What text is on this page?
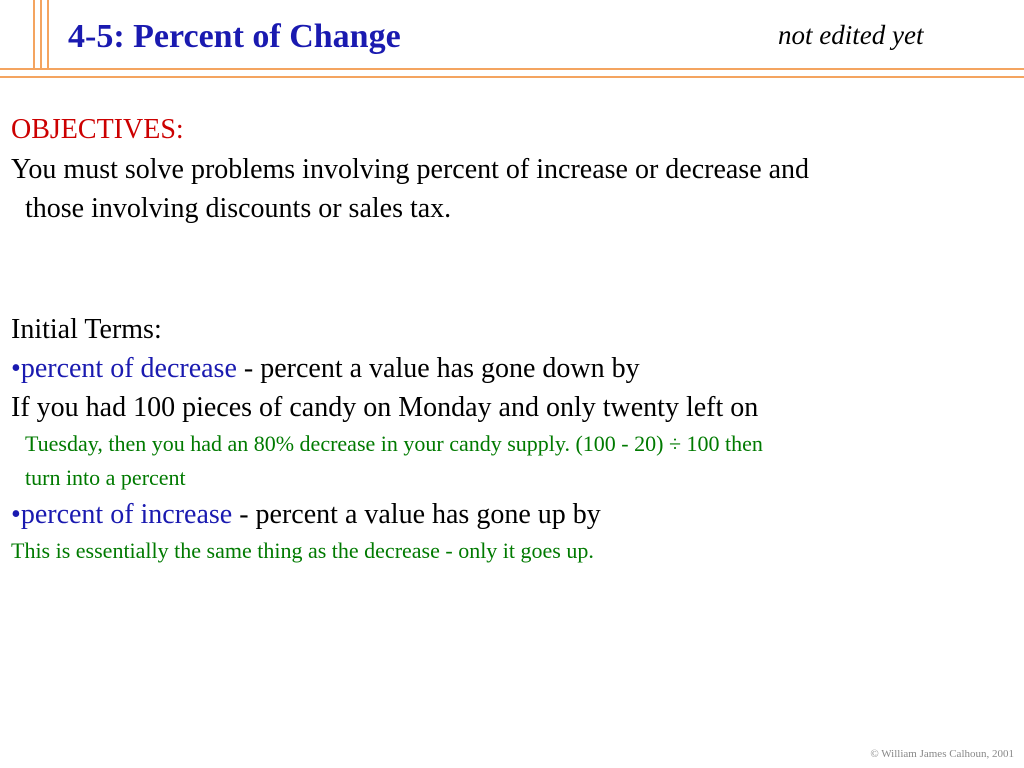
4-5: Percent of Change	not edited yet
OBJECTIVES:
You must solve problems involving percent of increase or decrease and
those involving discounts or sales tax.
Initial Terms:
•percent of decrease - percent a value has gone down by
If you had 100 pieces of candy on Monday and only twenty left on
Tuesday, then you had an 80% decrease in your candy supply. (100 - 20) ÷ 100 then
turn into a percent
•percent of increase - percent a value has gone up by
This is essentially the same thing as the decrease - only it goes up.
© William James Calhoun, 2001
